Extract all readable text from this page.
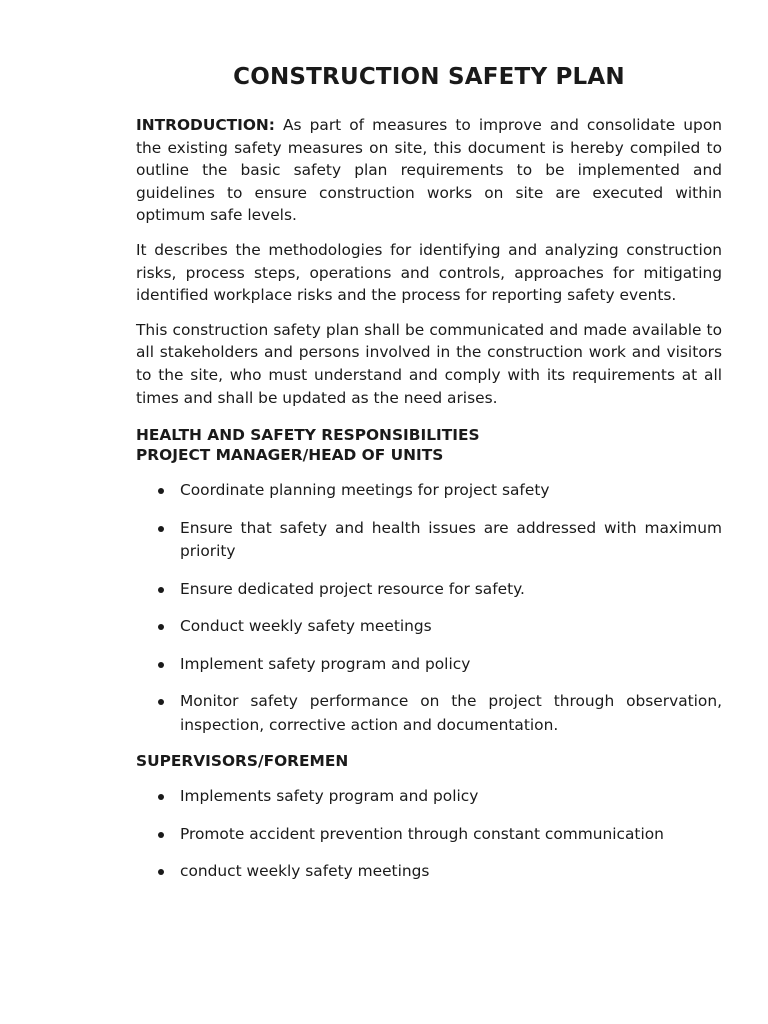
CONSTRUCTION SAFETY PLAN

INTRODUCTION: As part of measures to improve and consolidate upon the existing safety measures on site, this document is hereby compiled to outline the basic safety plan requirements to be implemented and guidelines to ensure construction works on site are executed within optimum safe levels.

It describes the methodologies for identifying and analyzing construction risks, process steps, operations and controls, approaches for mitigating identified workplace risks and the process for reporting safety events.

This construction safety plan shall be communicated and made available to all stakeholders and persons involved in the construction work and visitors to the site, who must understand and comply with its requirements at all times and shall be updated as the need arises.

HEALTH AND SAFETY RESPONSIBILITIES
PROJECT MANAGER/HEAD OF UNITS
Coordinate planning meetings for project safety
Ensure that safety and health issues are addressed with maximum priority
Ensure dedicated project resource for safety.
Conduct weekly safety meetings
Implement safety program and policy
Monitor safety performance on the project through observation, inspection, corrective action and documentation.
SUPERVISORS/FOREMEN
Implements safety program and policy
Promote accident prevention through constant communication
conduct weekly safety meetings
